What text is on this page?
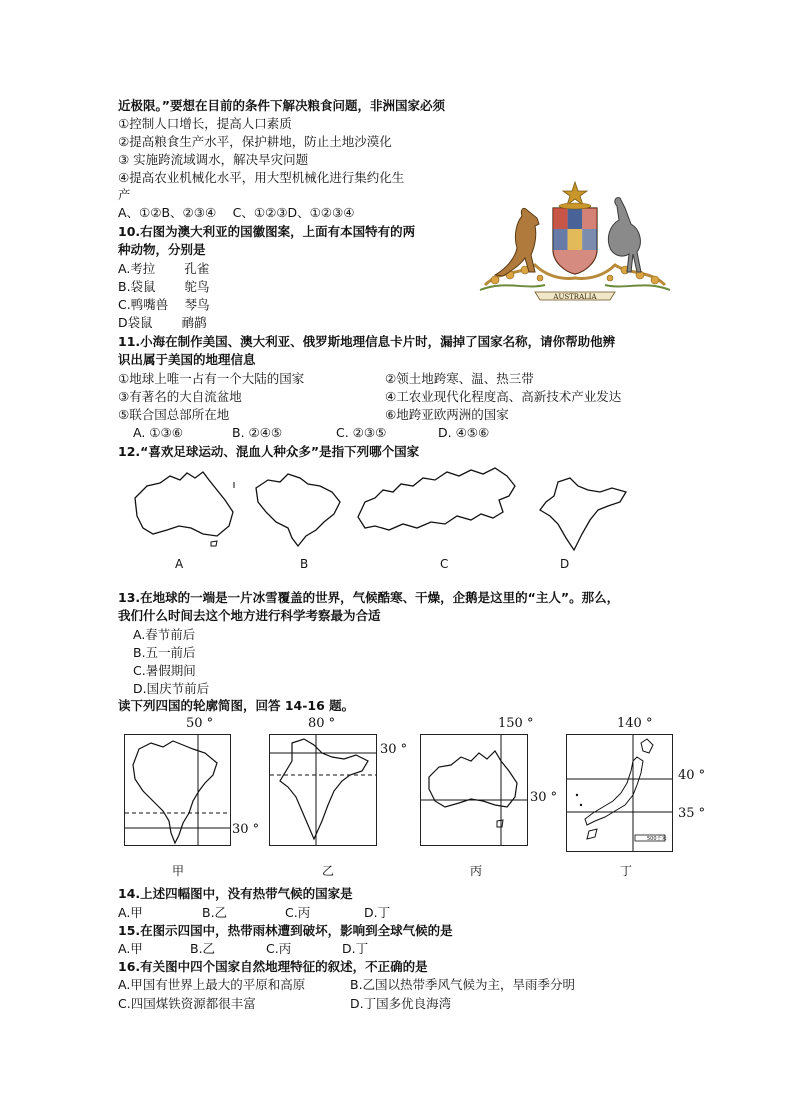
近极限。”要想在目前的条件下解决粮食问题，非洲国家必须
①控制人口增长，提高人口素质
②提高粮食生产水平，保护耕地，防止土地沙漠化
③ 实施跨流域调水，解决旱灾问题
④提高农业机械化水平，用大型机械化进行集约化生
产
A、①②B、②③④　 C、①②③D、①②③④
10.右图为澳大利亚的国徽图案，上面有本国特有的两
种动物，分别是
A.考拉　　 孔雀
B.袋鼠　　 鸵鸟
C.鸭嘴兽　 琴鸟
D袋鼠　　 鸸鹋
AUSTRALIA
11.小海在制作美国、澳大利亚、俄罗斯地理信息卡片时，漏掉了国家名称，请你帮助他辨
识出属于美国的地理信息
①地球上唯一占有一个大陆的国家	②领土地跨寒、温、热三带
③有著名的大自流盆地	④工农业现代化程度高、高新技术产业发达
⑤联合国总部所在地	⑥地跨亚欧两洲的国家
A. ①③⑥	B. ②④⑤	C. ②③⑤	D. ④⑤⑥
12.“喜欢足球运动、混血人种众多”是指下列哪个国家
A	B	C	D
13.在地球的一端是一片冰雪覆盖的世界，气候酷寒、干燥，企鹅是这里的“主人”。那么，
我们什么时间去这个地方进行科学考察最为合适
A.春节前后
B.五一前后
C.暑假期间
D.国庆节前后
读下列四国的轮廓简图，回答 14-16 题。
50 °
30 °
甲
80 °
30 °
乙
150 °
30 °
丙
140 °
500千米
40 °
35 °
丁
14.上述四幅图中，没有热带气候的国家是
A.甲	B.乙	C.丙	D.丁
15.在图示四国中，热带雨林遭到破坏，影响到全球气候的是
A.甲	B.乙	C.丙	D.丁
16.有关图中四个国家自然地理特征的叙述，不正确的是
A.甲国有世界上最大的平原和高原	B.乙国以热带季风气候为主，旱雨季分明
C.四国煤铁资源都很丰富	D.丁国多优良海湾
